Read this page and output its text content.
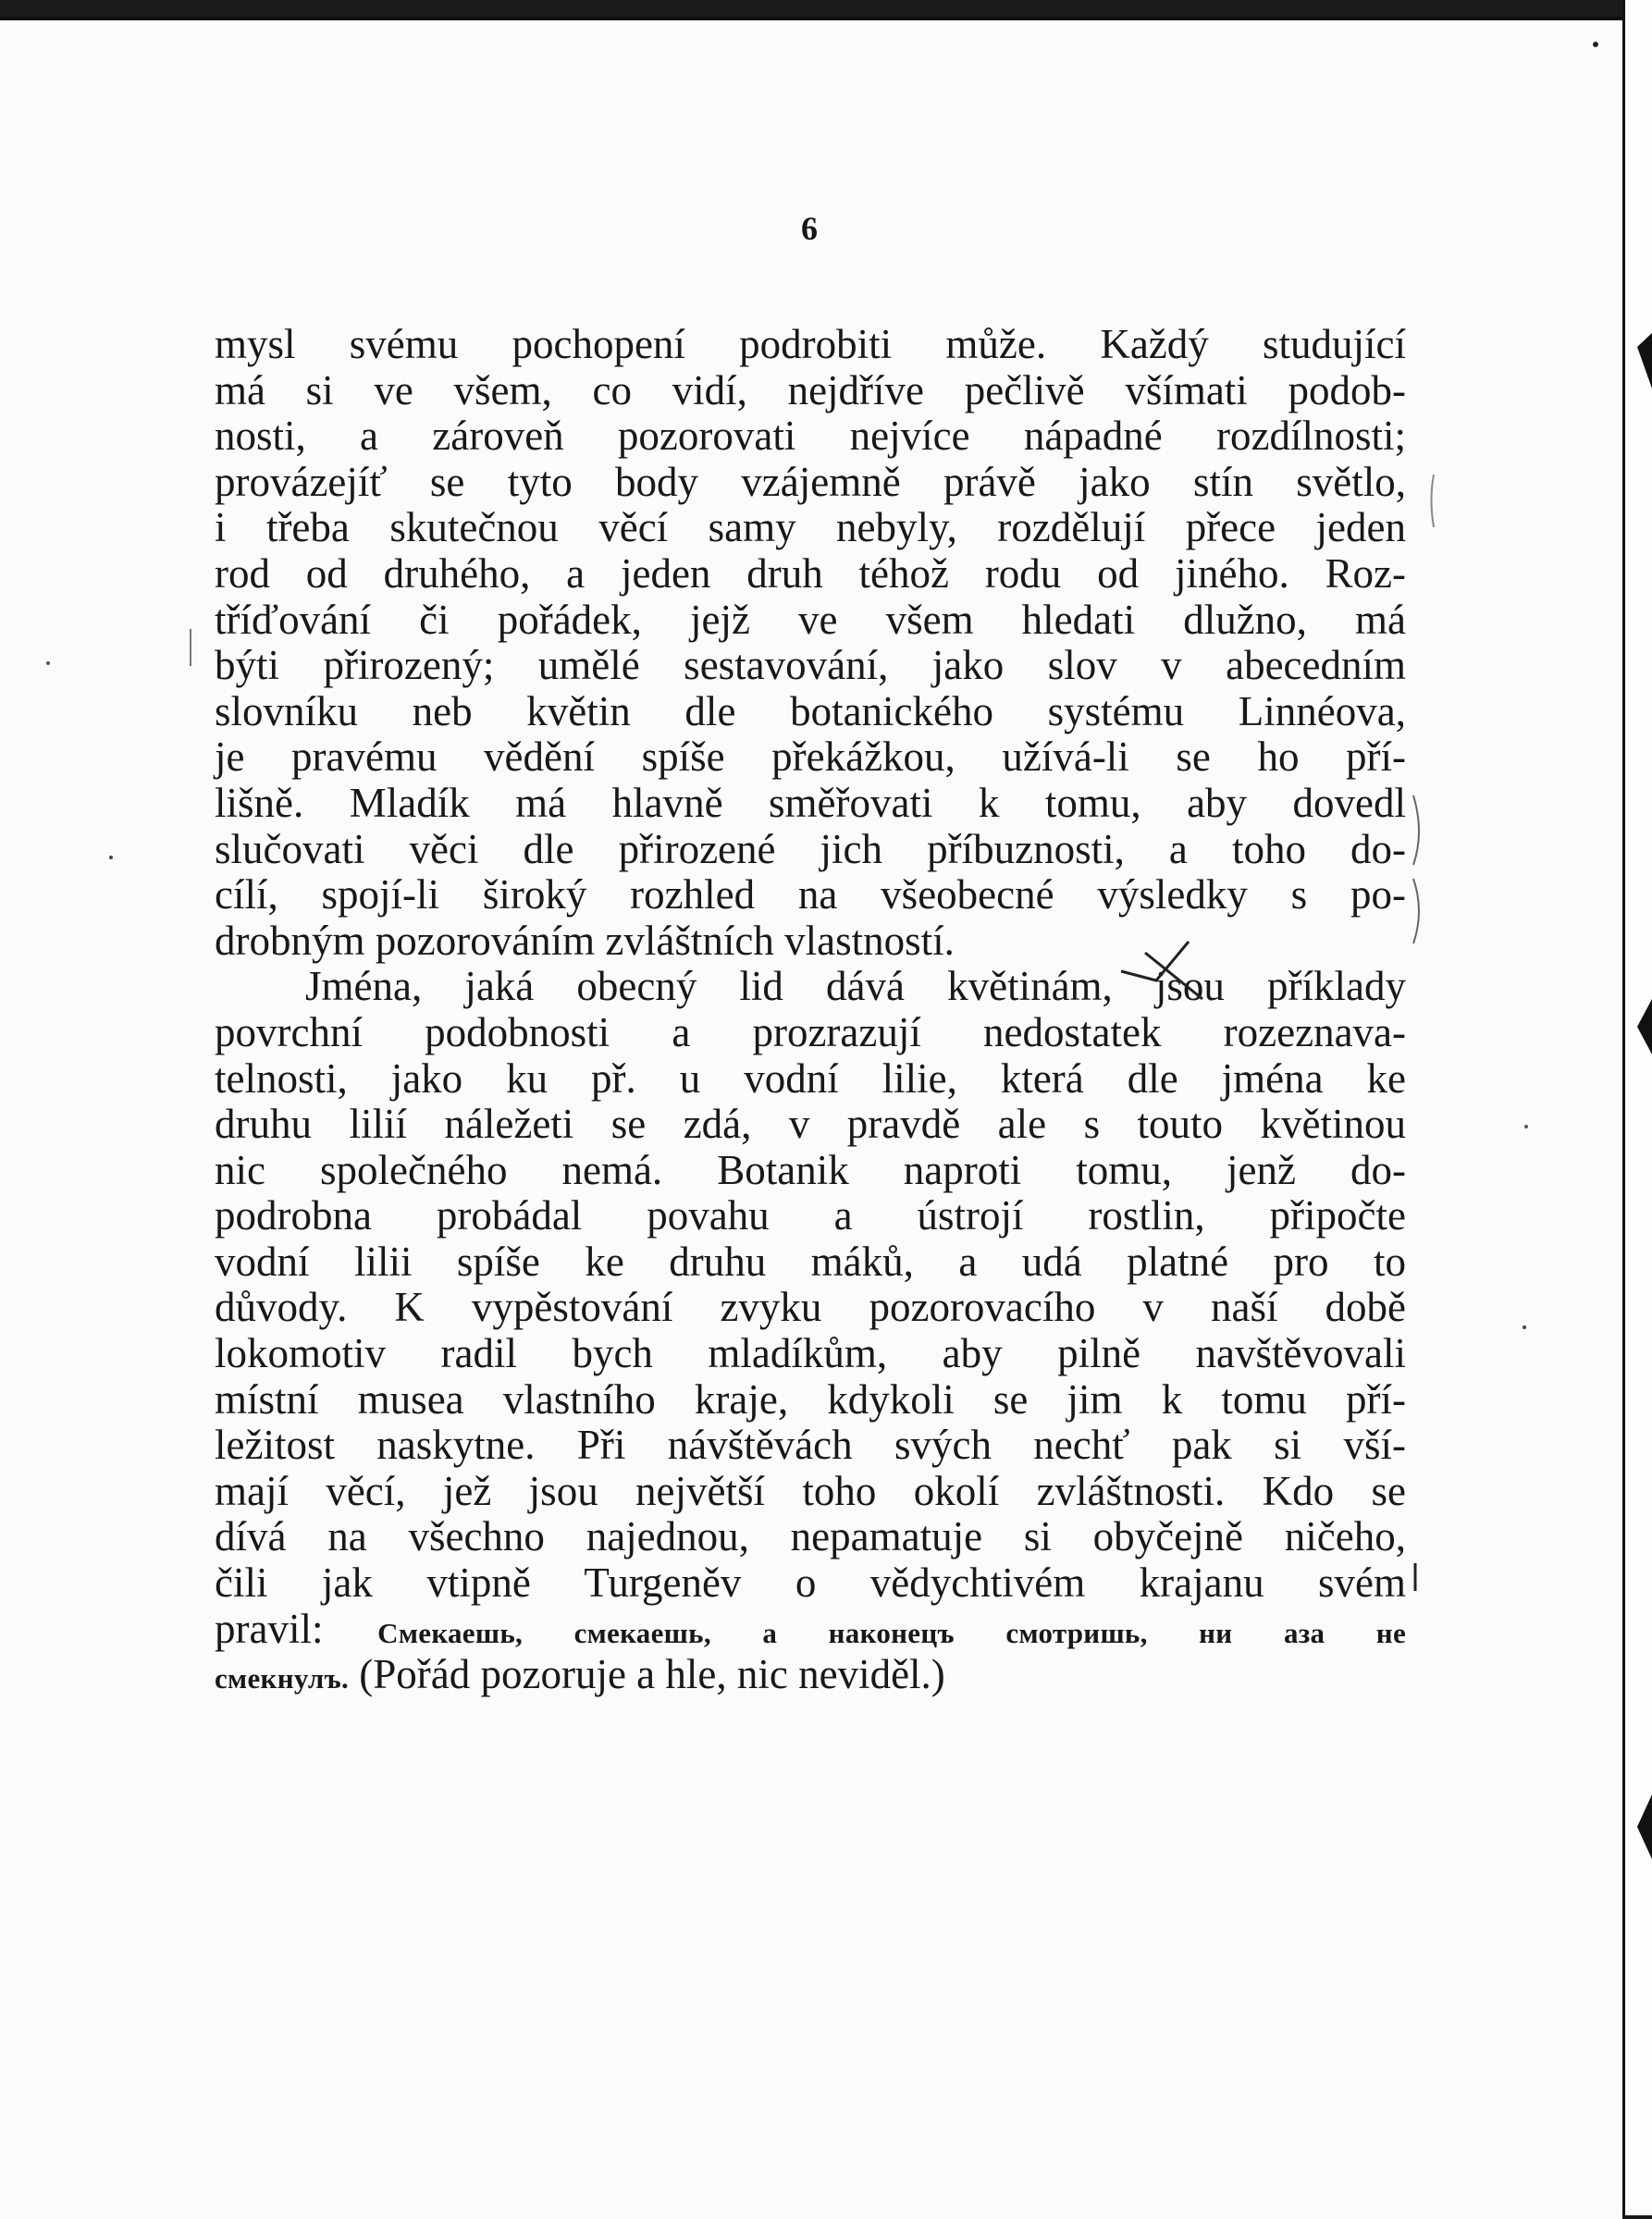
6
mysl svému pochopení podrobiti může. Každý studující
má si ve všem, co vidí, nejdříve pečlivě všímati podob-
nosti, a zároveň pozorovati nejvíce nápadné rozdílnosti;
provázejíť se tyto body vzájemně právě jako stín světlo,
i třeba skutečnou věcí samy nebyly, rozdělují přece jeden
rod od druhého, a jeden druh téhož rodu od jiného. Roz-
tříďování či pořádek, jejž ve všem hledati dlužno, má
býti přirozený; umělé sestavování, jako slov v abecedním
slovníku neb květin dle botanického systému Linnéova,
je pravému vědění spíše překážkou, užívá-li se ho pří-
lišně. Mladík má hlavně směřovati k tomu, aby dovedl
slučovati věci dle přirozené jich příbuznosti, a toho do-
cílí, spojí-li široký rozhled na všeobecné výsledky s po-
drobným pozorováním zvláštních vlastností.
Jména, jaká obecný lid dává květinám, jsou příklady
povrchní podobnosti a prozrazují nedostatek rozeznava-
telnosti, jako ku př. u vodní lilie, která dle jména ke
druhu lilií náležeti se zdá, v pravdě ale s touto květinou
nic společného nemá. Botanik naproti tomu, jenž do-
podrobna probádal povahu a ústrojí rostlin, připočte
vodní lilii spíše ke druhu máků, a udá platné pro to
důvody. K vypěstování zvyku pozorovacího v naší době
lokomotiv radil bych mladíkům, aby pilně navštěvovali
místní musea vlastního kraje, kdykoli se jim k tomu pří-
ležitost naskytne. Při návštěvách svých nechť pak si vší-
mají věcí, jež jsou největší toho okolí zvláštnosti. Kdo se
dívá na všechno najednou, nepamatuje si obyčejně ničeho,
čili jak vtipně Turgeněv o vědychtivém krajanu svém
pravil: Смекаешь, смекаешь, а наконецъ смотришь, ни аза не
смекнулъ. (Pořád pozoruje a hle, nic neviděl.)
